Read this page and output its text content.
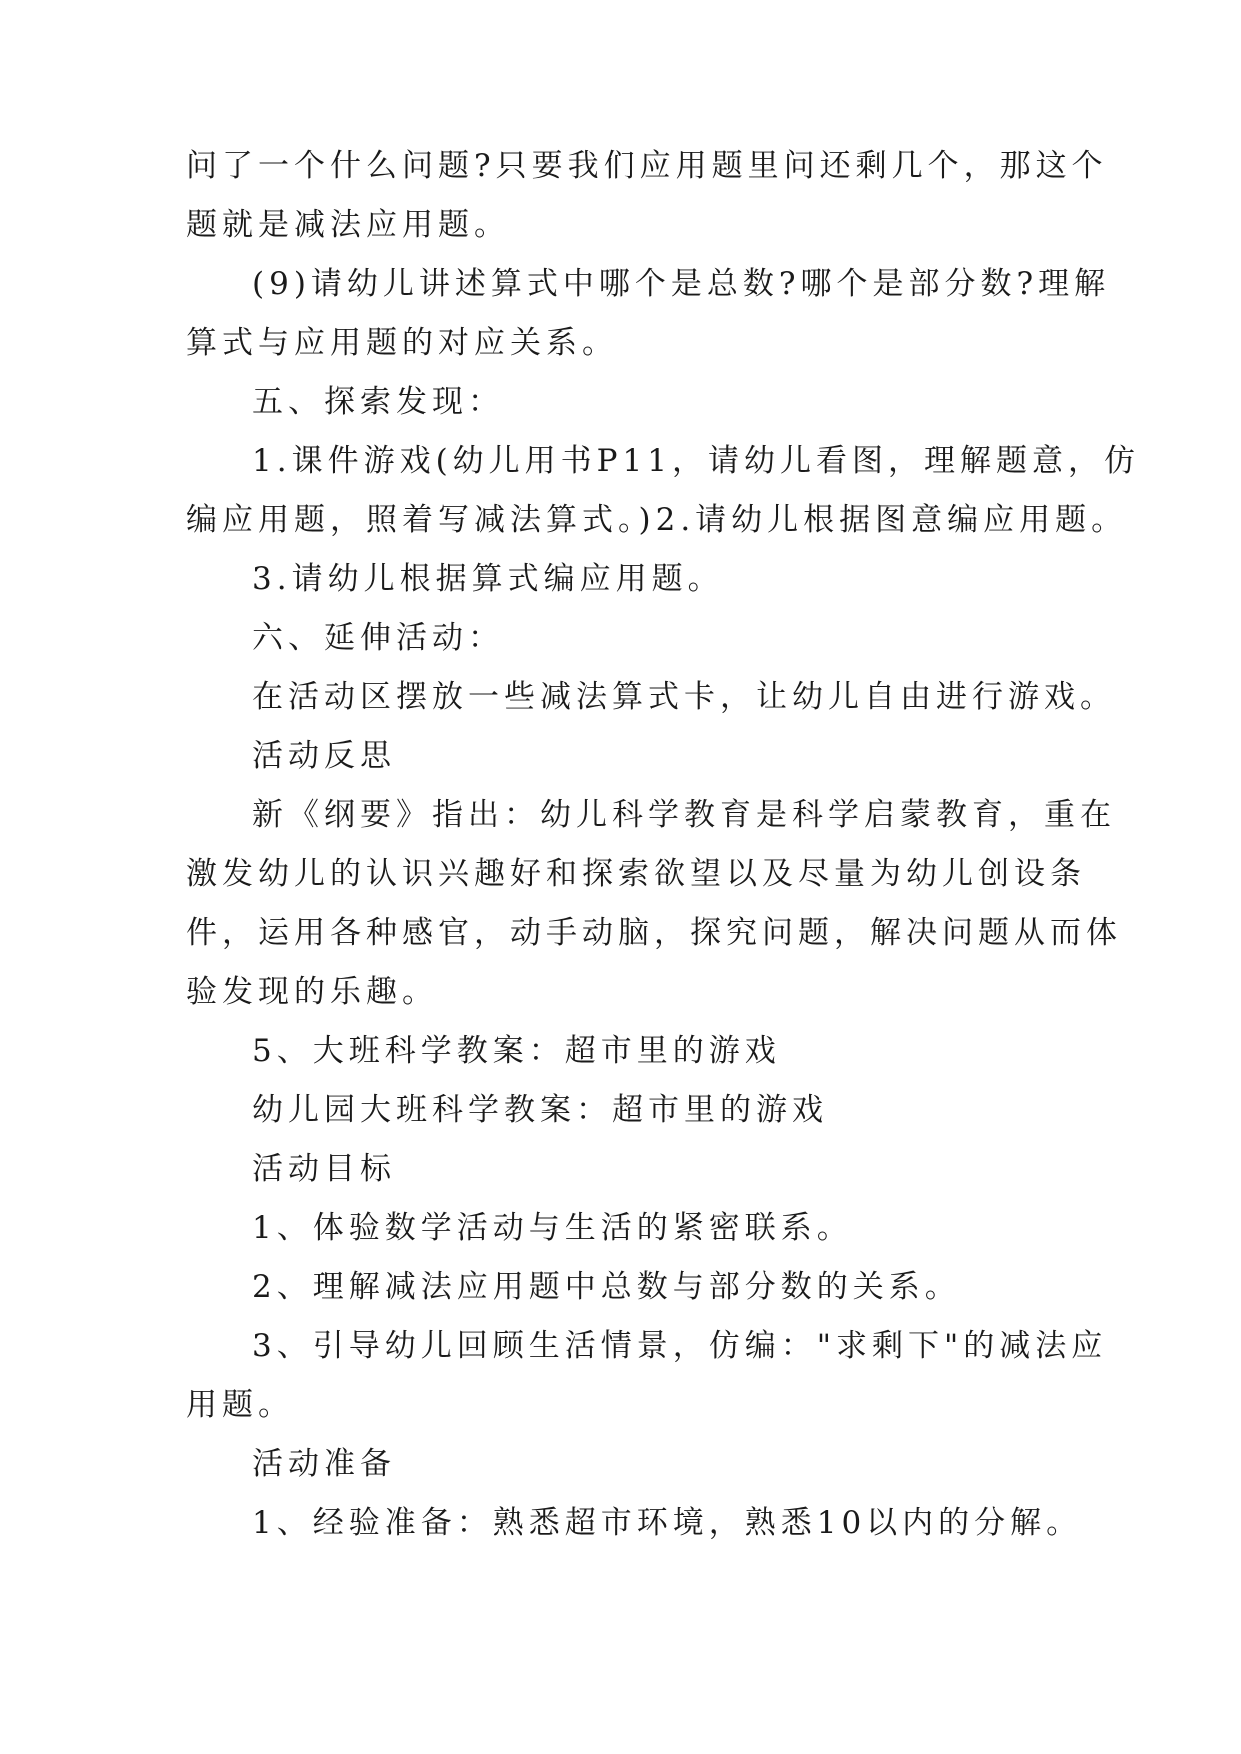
问了一个什么问题?只要我们应用题里问还剩几个，那这个
题就是减法应用题。
(9)请幼儿讲述算式中哪个是总数?哪个是部分数?理解
算式与应用题的对应关系。
五、探索发现：
1.课件游戏(幼儿用书P11，请幼儿看图，理解题意，仿
编应用题，照着写减法算式。)2.请幼儿根据图意编应用题。
3.请幼儿根据算式编应用题。
六、延伸活动：
在活动区摆放一些减法算式卡，让幼儿自由进行游戏。
活动反思
新《纲要》指出：幼儿科学教育是科学启蒙教育，重在
激发幼儿的认识兴趣好和探索欲望以及尽量为幼儿创设条
件，运用各种感官，动手动脑，探究问题，解决问题从而体
验发现的乐趣。
5、大班科学教案：超市里的游戏
幼儿园大班科学教案：超市里的游戏
活动目标
1、体验数学活动与生活的紧密联系。
2、理解减法应用题中总数与部分数的关系。
3、引导幼儿回顾生活情景，仿编："求剩下"的减法应
用题。
活动准备
1、经验准备：熟悉超市环境，熟悉10以内的分解。
